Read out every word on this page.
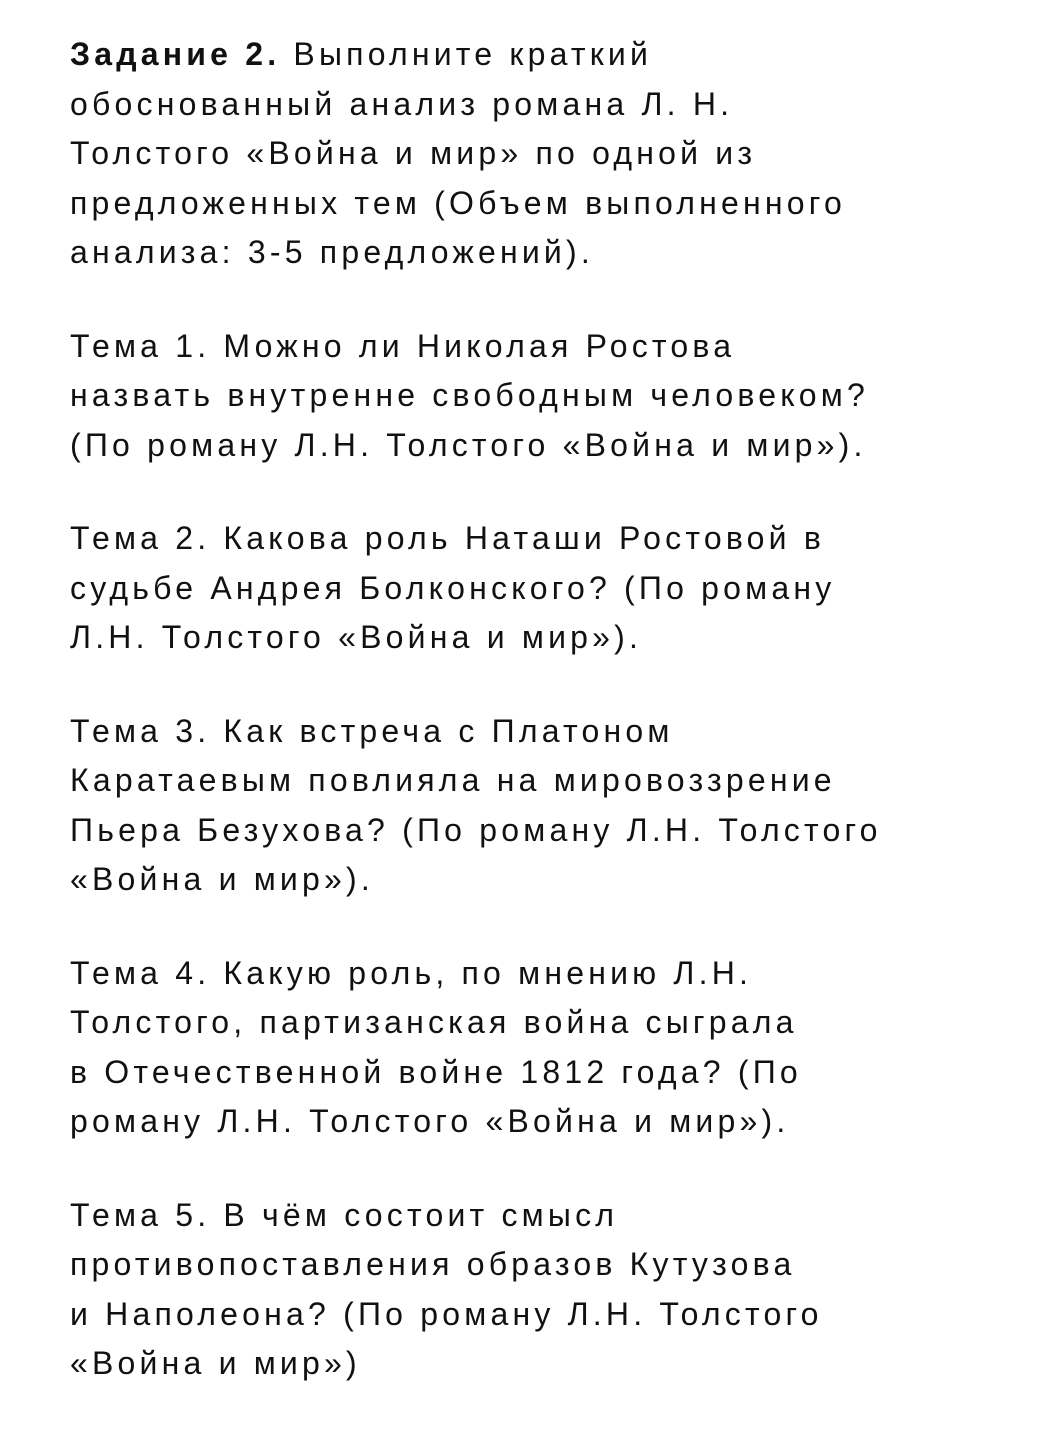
Задание 2. Выполните краткий
обоснованный анализ романа Л. Н.
Толстого «Война и мир» по одной из
предложенных тем (Объем выполненного
анализа: 3-5 предложений).
Тема 1. Можно ли Николая Ростова
назвать внутренне свободным человеком?
(По роману Л.Н. Толстого «Война и мир»).
Тема 2. Какова роль Наташи Ростовой в
судьбе Андрея Болконского? (По роману
Л.Н. Толстого «Война и мир»).
Тема 3. Как встреча с Платоном
Каратаевым повлияла на мировоззрение
Пьера Безухова? (По роману Л.Н. Толстого
«Война и мир»).
Тема 4. Какую роль, по мнению Л.Н.
Толстого, партизанская война сыграла
в Отечественной войне 1812 года? (По
роману Л.Н. Толстого «Война и мир»).
Тема 5. В чём состоит смысл
противопоставления образов Кутузова
и Наполеона? (По роману Л.Н. Толстого
«Война и мир»)
